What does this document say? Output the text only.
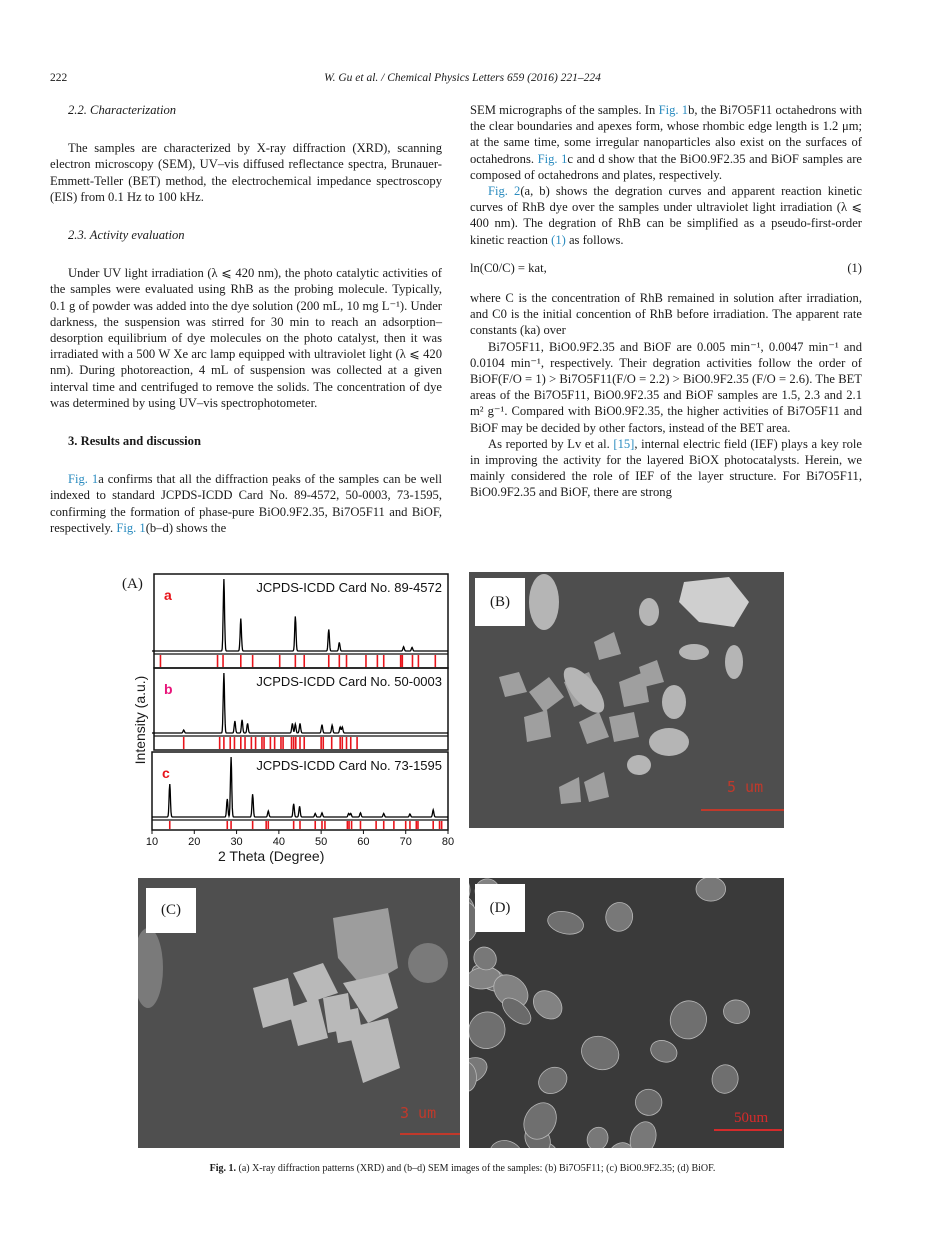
222	W. Gu et al. / Chemical Physics Letters 659 (2016) 221–224

2.2. Characterization

The samples are characterized by X-ray diffraction (XRD), scanning electron microscopy (SEM), UV–vis diffused reflectance spectra, Brunauer-Emmett-Teller (BET) method, the electrochemical impedance spectroscopy (EIS) from 0.1 Hz to 100 kHz.

2.3. Activity evaluation

Under UV light irradiation (λ ⩽ 420 nm), the photo catalytic activities of the samples were evaluated using RhB as the probing molecule. Typically, 0.1 g of powder was added into the dye solution (200 mL, 10 mg L⁻¹). Under darkness, the suspension was stirred for 30 min to reach an adsorption–desorption equilibrium of dye molecules on the photo catalyst, then it was irradiated with a 500 W Xe arc lamp equipped with ultraviolet light (λ ⩽ 420 nm). During photoreaction, 4 mL of suspension was collected at a given interval time and centrifuged to remove the solids. The concentration of dye was determined by using UV–vis spectrophotometer.

3. Results and discussion

Fig. 1a confirms that all the diffraction peaks of the samples can be well indexed to standard JCPDS-ICDD Card No. 89-4572, 50-0003, 73-1595, confirming the formation of phase-pure BiO0.9F2.35, Bi7O5F11 and BiOF, respectively. Fig. 1(b–d) shows the

SEM micrographs of the samples. In Fig. 1b, the Bi7O5F11 octahedrons with the clear boundaries and apexes form, whose rhombic edge length is 1.2 μm; at the same time, some irregular nanoparticles also exist on the surfaces of octahedrons. Fig. 1c and d show that the BiO0.9F2.35 and BiOF samples are composed of octahedrons and plates, respectively.

Fig. 2(a, b) shows the degration curves and apparent reaction kinetic curves of RhB dye over the samples under ultraviolet light irradiation (λ ⩽ 400 nm). The degration of RhB can be simplified as a pseudo-first-order kinetic reaction (1) as follows.

ln(C0/C) = kat,	(1)

where C is the concentration of RhB remained in solution after irradiation, and C0 is the initial concention of RhB before irradiation. The apparent rate constants (ka) over

Bi7O5F11, BiO0.9F2.35 and BiOF are 0.005 min⁻¹, 0.0047 min⁻¹ and 0.0104 min⁻¹, respectively. Their degration activities follow the order of BiOF(F/O = 1) > Bi7O5F11(F/O = 2.2) > BiO0.9F2.35 (F/O = 2.6). The BET areas of the Bi7O5F11, BiO0.9F2.35 and BiOF samples are 1.5, 2.3 and 2.1 m² g⁻¹. Compared with BiO0.9F2.35, the higher activities of Bi7O5F11 and BiOF may be decided by other factors, instead of the BET area.

As reported by Lv et al. [15], internal electric field (IEF) plays a key role in improving the activity for the layered BiOX photocatalysts. Herein, we mainly considered the role of IEF of the layer structure. For Bi7O5F11, BiO0.9F2.35 and BiOF, there are strong

(A)
Intensity (a.u.)
a	JCPDS-ICDD Card No. 89-4572
b	JCPDS-ICDD Card No. 50-0003
c	JCPDS-ICDD Card No. 73-1595
10	20	30	40	50	60	70	80
2 Theta (Degree)
(B)
5 um
(C)
3 um
(D)
50um
Fig. 1. (a) X-ray diffraction patterns (XRD) and (b–d) SEM images of the samples: (b) Bi7O5F11; (c) BiO0.9F2.35; (d) BiOF.
